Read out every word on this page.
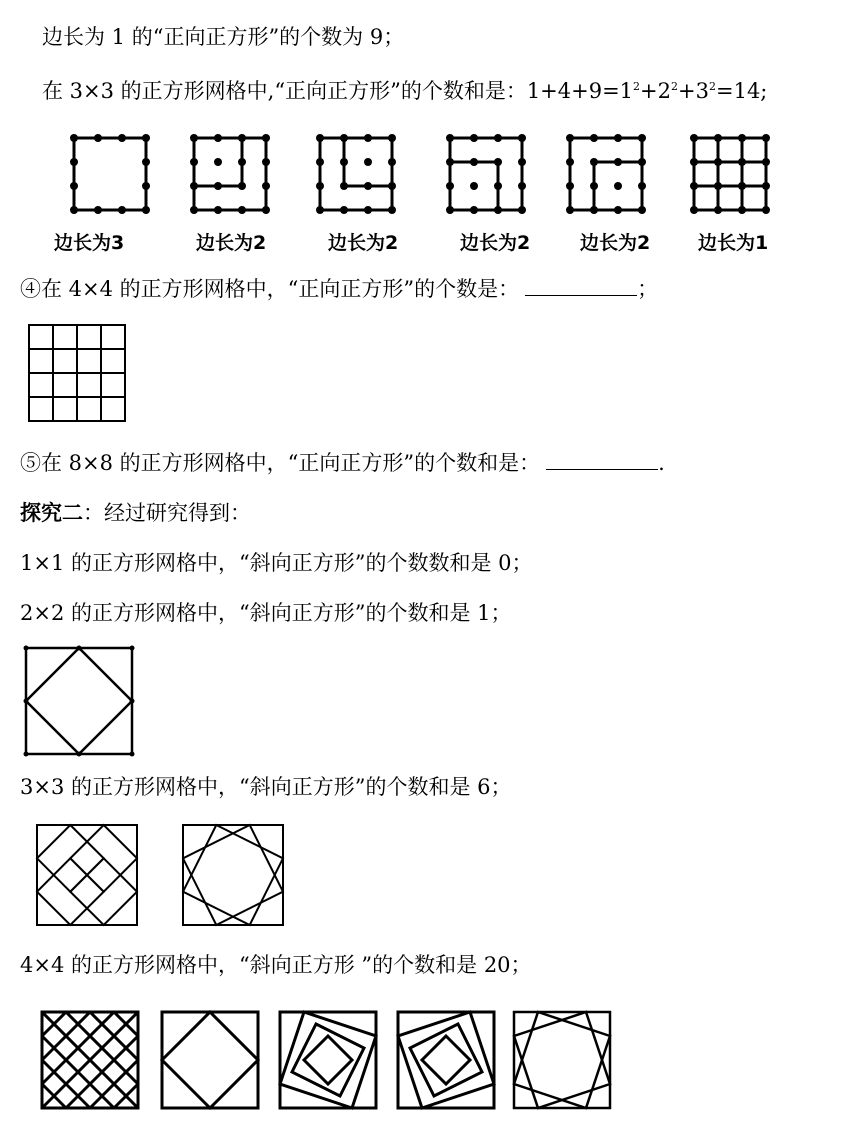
边长为 1 的“正向正方形”的个数为 9；
在 3×3 的正方形网格中,“正向正方形”的个数和是：$1+4+9=1^2+2^2+3^2=14$;
边长为3	边长为2	边长为2	边长为2	边长为2	边长为1
④在 4×4 的正方形网格中，“正向正方形”的个数是：	；
⑤在 8×8 的正方形网格中，“正向正方形”的个数和是：	.
探究二：经过研究得到：
1×1 的正方形网格中，“斜向正方形”的个数数和是 0；
2×2 的正方形网格中，“斜向正方形”的个数和是 1；
3×3 的正方形网格中，“斜向正方形”的个数和是 6；
4×4 的正方形网格中，“斜向正方形 ”的个数和是 20；
